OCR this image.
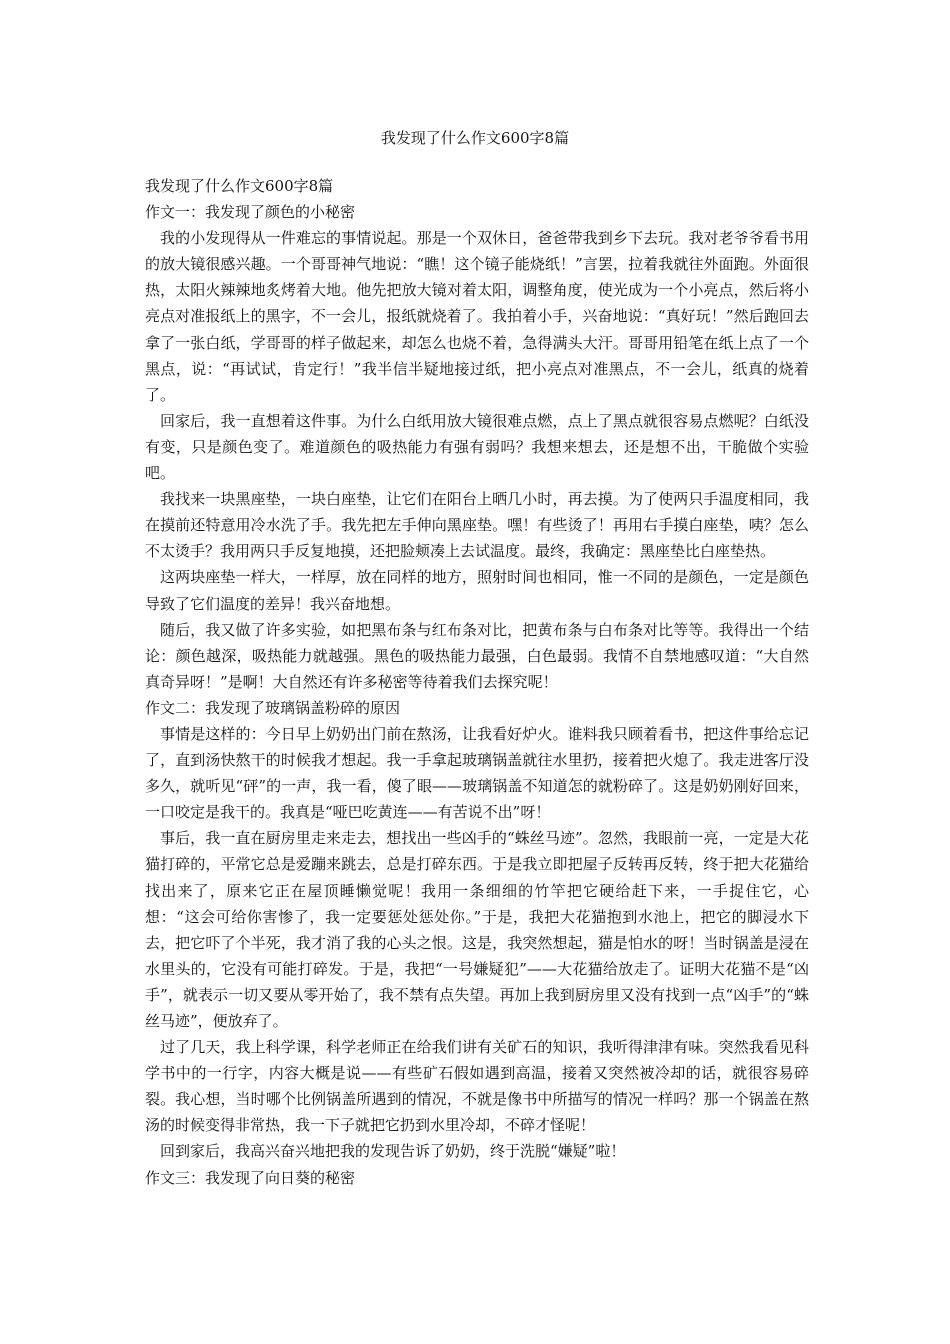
我发现了什么作文600字8篇

我发现了什么作文600字8篇

作文一：我发现了颜色的小秘密

我的小发现得从一件难忘的事情说起。那是一个双休日，爸爸带我到乡下去玩。我对老爷爷看书用的放大镜很感兴趣。一个哥哥神气地说：“瞧！这个镜子能烧纸！”言罢，拉着我就往外面跑。外面很热，太阳火辣辣地炙烤着大地。他先把放大镜对着太阳，调整角度，使光成为一个小亮点，然后将小亮点对准报纸上的黑字，不一会儿，报纸就烧着了。我拍着小手，兴奋地说：“真好玩！”然后跑回去拿了一张白纸，学哥哥的样子做起来，却怎么也烧不着，急得满头大汗。哥哥用铅笔在纸上点了一个黑点，说：“再试试，肯定行！”我半信半疑地接过纸，把小亮点对准黑点，不一会儿，纸真的烧着了。

回家后，我一直想着这件事。为什么白纸用放大镜很难点燃，点上了黑点就很容易点燃呢？白纸没有变，只是颜色变了。难道颜色的吸热能力有强有弱吗？我想来想去，还是想不出，干脆做个实验吧。

我找来一块黑座垫，一块白座垫，让它们在阳台上晒几小时，再去摸。为了使两只手温度相同，我在摸前还特意用冷水洗了手。我先把左手伸向黑座垫。嘿！有些烫了！再用右手摸白座垫，咦？怎么不太烫手？我用两只手反复地摸，还把脸颊凑上去试温度。最终，我确定：黑座垫比白座垫热。

这两块座垫一样大，一样厚，放在同样的地方，照射时间也相同，惟一不同的是颜色，一定是颜色导致了它们温度的差异！我兴奋地想。

随后，我又做了许多实验，如把黑布条与红布条对比，把黄布条与白布条对比等等。我得出一个结论：颜色越深，吸热能力就越强。黑色的吸热能力最强，白色最弱。我情不自禁地感叹道：“大自然真奇异呀！”是啊！大自然还有许多秘密等待着我们去探究呢！

作文二：我发现了玻璃锅盖粉碎的原因

事情是这样的：今日早上奶奶出门前在熬汤，让我看好炉火。谁料我只顾着看书，把这件事给忘记了，直到汤快熬干的时候我才想起。我一手拿起玻璃锅盖就往水里扔，接着把火熄了。我走进客厅没多久，就听见“砰”的一声，我一看，傻了眼——玻璃锅盖不知道怎的就粉碎了。这是奶奶刚好回来，一口咬定是我干的。我真是“哑巴吃黄连——有苦说不出”呀！

事后，我一直在厨房里走来走去，想找出一些凶手的“蛛丝马迹”。忽然，我眼前一亮，一定是大花猫打碎的，平常它总是爱蹦来跳去，总是打碎东西。于是我立即把屋子反转再反转，终于把大花猫给找出来了，原来它正在屋顶睡懒觉呢！我用一条细细的竹竿把它硬给赶下来，一手捉住它，心想：“这会可给你害惨了，我一定要惩处惩处你。”于是，我把大花猫抱到水池上，把它的脚浸水下去，把它吓了个半死，我才消了我的心头之恨。这是，我突然想起，猫是怕水的呀！当时锅盖是浸在水里头的，它没有可能打碎发。于是，我把“一号嫌疑犯”——大花猫给放走了。证明大花猫不是“凶手”，就表示一切又要从零开始了，我不禁有点失望。再加上我到厨房里又没有找到一点“凶手”的“蛛丝马迹”，便放弃了。

过了几天，我上科学课，科学老师正在给我们讲有关矿石的知识，我听得津津有味。突然我看见科学书中的一行字，内容大概是说——有些矿石假如遇到高温，接着又突然被冷却的话，就很容易碎裂。我心想，当时哪个比例锅盖所遇到的情况，不就是像书中所描写的情况一样吗？那一个锅盖在熬汤的时候变得非常热，我一下子就把它扔到水里冷却，不碎才怪呢！

回到家后，我高兴奋兴地把我的发现告诉了奶奶，终于洗脱“嫌疑”啦！

作文三：我发现了向日葵的秘密
